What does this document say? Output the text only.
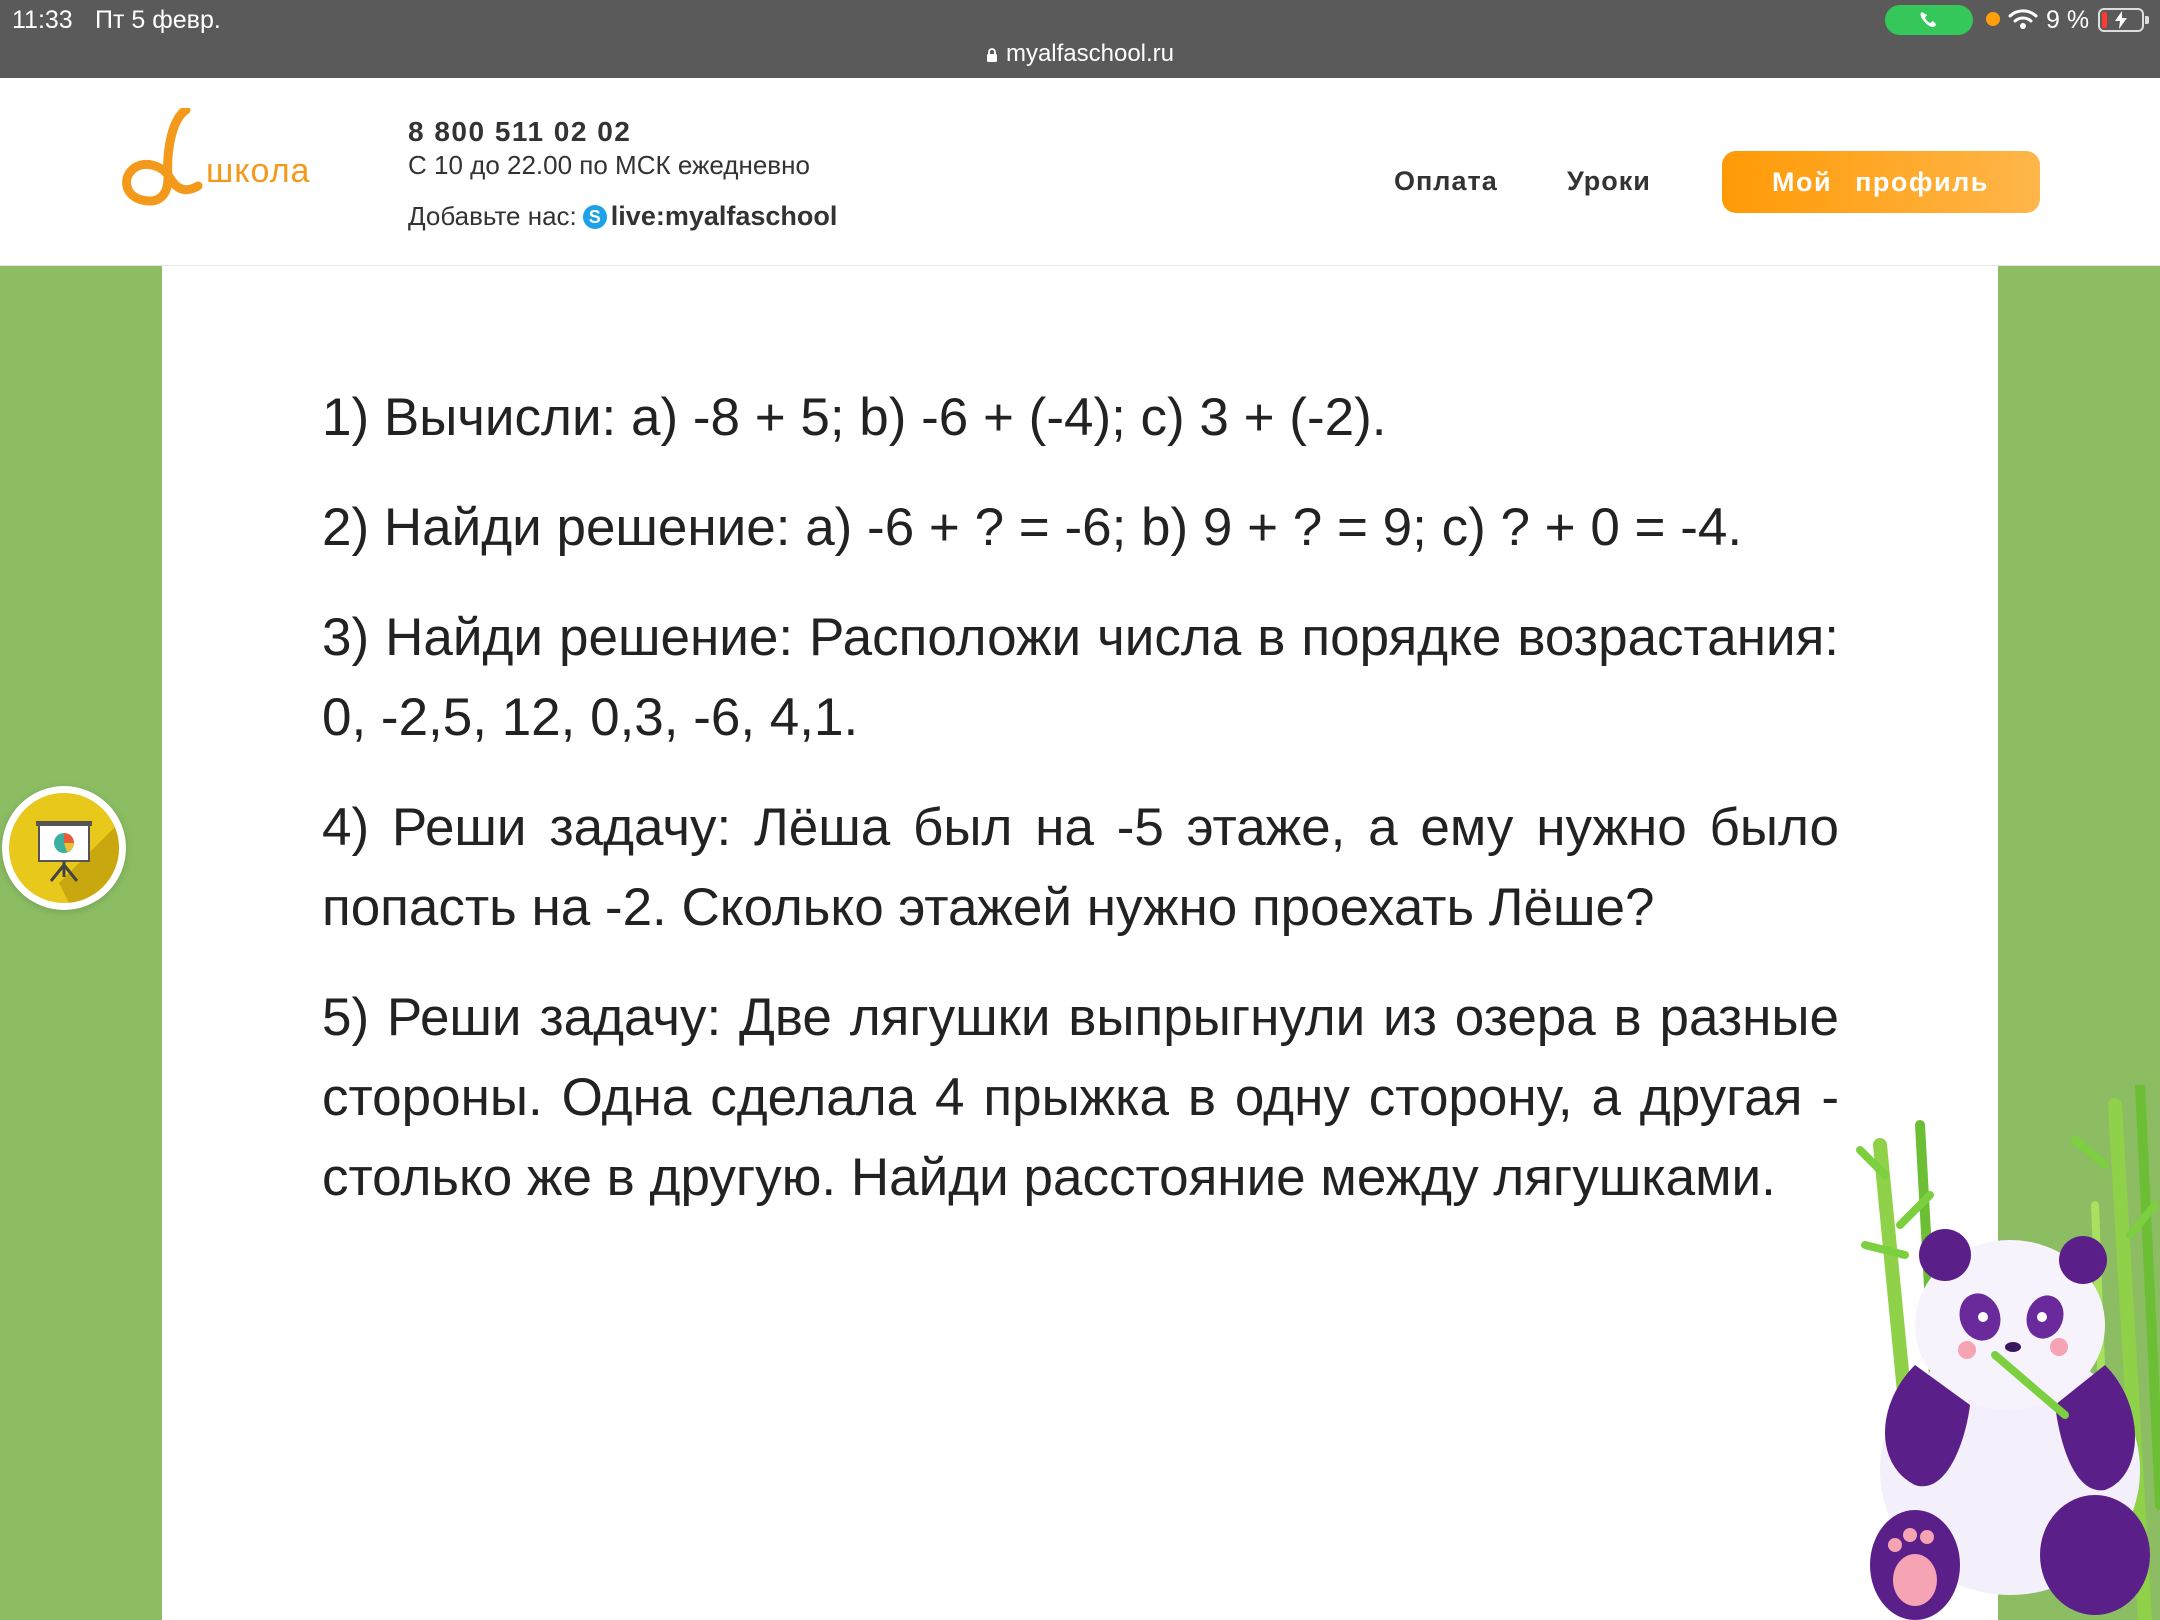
11:33 Пт 5 февр.
myalfaschool.ru
9 %
школа
8 800 511 02 02
С 10 до 22.00 по МСК ежедневно
Добавьте нас: S live:myalfaschool
Оплата	Уроки	Мой профиль

1) Вычисли: а) -8 + 5; b) -6 + (-4); c) 3 + (-2).

2) Найди решение: а) -6 + ? = -6; b) 9 + ? = 9; c) ? + 0 = -4.

3) Найди решение: Расположи числа в порядке возрастания: 0, -2,5, 12, 0,3, -6, 4,1.

4) Реши задачу: Лёша был на -5 этаже, а ему нужно было попасть на -2. Сколько этажей нужно проехать Лёше?

5) Реши задачу: Две лягушки выпрыгнули из озера в разные стороны. Одна сделала 4 прыжка в одну сторону, а другая - столько же в другую. Найди расстояние между лягушками.
